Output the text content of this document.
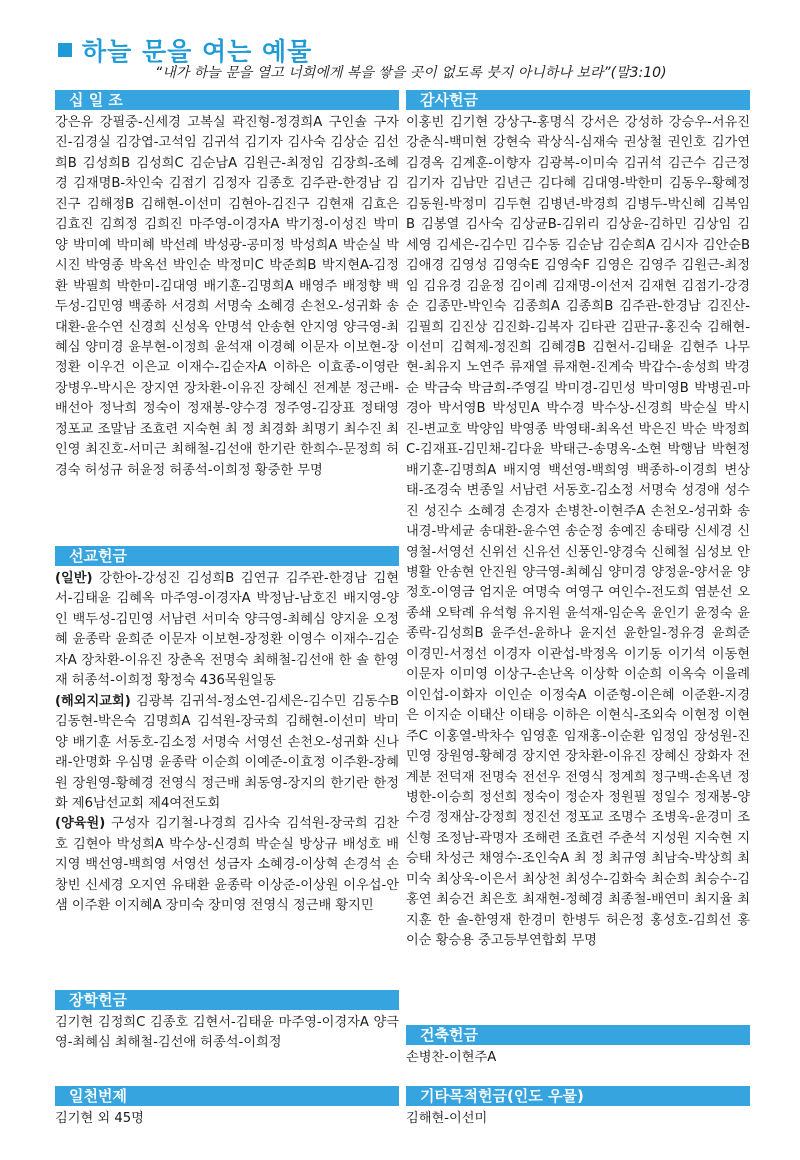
하늘 문을 여는 예물
“내가 하늘 문을 열고 너희에게 복을 쌓을 곳이 없도록 붓지 아니하나 보라”(말3:10)
십 일 조
강은유 강필중-신세경 고복실 곽진형-정경희A 구인솔 구자진-김경실 김강엽-고석임 김귀석 김기자 김사숙 김상순 김선희B 김성희B 김성희C 김순남A 김원근-최정임 김장희-조혜경 김재명B-차인숙 김점기 김정자 김종호 김주관-한경남 김진구 김해정B 김해현-이선미 김현아-김진구 김현재 김효은 김효진 김희정 김희진 마주영-이경자A 박기정-이성진 박미양 박미예 박미혜 박선례 박성광-공미정 박성희A 박순실 박시진 박영종 박옥선 박인순 박정미C 박준희B 박지현A-김정환 박필희 박한미-김대영 배기훈-김명희A 배영주 배정향 백두성-김민영 백종하 서경희 서명숙 소혜경 손천오-성귀화 송대환-윤수연 신경희 신성옥 안명석 안송현 안지영 양극영-최혜심 양미경 윤부현-이정희 윤석재 이경혜 이문자 이보현-장정환 이우건 이은교 이재수-김순자A 이하은 이효종-이영란 장병우-박시은 장지연 장차환-이유진 장혜신 전계분 정근배-배선아 정낙희 정숙이 정재봉-양수경 정주영-김장표 정태영 정포교 조말남 조효련 지숙현 최 정 최경화 최명기 최수진 최인영 최진호-서미근 최해철-김선애 한기란 한희수-문정희 허경숙 허성규 허윤정 허종석-이희정 황중한 무명
선교헌금
(일반) 강한아-강성진 김성희B 김연규 김주관-한경남 김현서-김태윤 김혜옥 마주영-이경자A 박정남-남호진 배지영-양 인 백두성-김민영 서남련 서미숙 양극영-최혜심 양지윤 오정혜 윤종락 윤희준 이문자 이보현-장정환 이영수 이재수-김순자A 장차환-이유진 장춘옥 전명숙 최해철-김선애 한 솔 한영재 허종석-이희정 황정숙 436목원일동
(해외지교회) 김광복 김귀석-정소연-김세은-김수민 김동수B 김동현-박은숙 김명희A 김석원-장국희 김해현-이선미 박미양 배기훈 서동호-김소정 서명숙 서영선 손천오-성귀화 신나래-안명화 우심명 윤종락 이순희 이예준-이효정 이주환-장혜원 장원영-황혜경 전영식 정근배 최동영-장지의 한기란 한정화 제6남선교회 제4여전도회
(양육원) 구성자 김기철-나경희 김사숙 김석원-장국희 김찬호 김현아 박성희A 박수상-신경희 박순실 방상규 배성호 배지영 백선영-백희영 서영선 성금자 소혜경-이상혁 손경석 손창빈 신세경 오지연 유태환 윤종락 이상준-이상원 이우섭-안 샘 이주환 이지혜A 장미숙 장미영 전영식 정근배 황지민
장학헌금
김기현 김정희C 김종호 김현서-김태윤 마주영-이경자A 양극영-최혜심 최해철-김선애 허종석-이희정
일천번제
김기현 외 45명
감사헌금
이홍빈 김기현 강상구-홍명식 강서은 강성하 강승우-서유진 강춘식-백미현 강현숙 곽상식-심재숙 권상철 권인호 김가연 김경옥 김계훈-이향자 김광복-이미숙 김귀석 김근수 김근정 김기자 김남만 김년근 김다혜 김대영-박한미 김동우-황혜정 김동원-박정미 김두현 김병년-박경희 김병두-박신혜 김복임B 김봉열 김사숙 김상균B-김위리 김상윤-김하민 김상임 김세영 김세은-김수민 김수동 김순남 김순희A 김시자 김안순B 김애경 김영성 김영숙E 김영숙F 김영은 김영주 김원근-최정임 김유경 김윤정 김이례 김재명-이선저 김재현 김점기-강경순 김종만-박인숙 김종희A 김종희B 김주관-한경남 김진산-김필희 김진상 김진화-김복자 김타관 김판규-홍진숙 김해현-이선미 김혁제-정진희 김혜경B 김현서-김태윤 김현주 나무현-최유지 노연주 류재열 류재현-진계숙 박갑수-송성희 박경순 박금숙 박금희-주영길 박미경-김민성 박미영B 박병권-마경아 박서영B 박성민A 박수경 박수상-신경희 박순실 박시진-변교호 박양임 박영종 박영태-최옥선 박은진 박순 박정희C-김재표-김민채-김다윤 박태근-송명옥-소현 박행남 박현정 배기훈-김명희A 배지영 백선영-백희영 백종하-이경희 변상태-조경숙 변종일 서남련 서동호-김소정 서명숙 성경애 성수진 성진수 소혜경 손경자 손병찬-이현주A 손천오-성귀화 송내경-박세균 송대환-윤수연 송순정 송예진 송태랑 신세경 신영철-서영선 신위선 신유선 신풍인-양경숙 신혜철 심성보 안병활 안송현 안진원 양극영-최혜심 양미경 양정윤-양서윤 양정호-이영금 엄지운 여명숙 여영구 여인수-전도희 염분선 오종쇄 오탁례 유석형 유지원 윤석재-임순옥 윤인기 윤정숙 윤종락-김성희B 윤주선-윤하나 윤지선 윤한일-정유경 윤희준 이경민-서정선 이경자 이관섭-박정옥 이기동 이기석 이동현 이문자 이미영 이상구-손난옥 이상학 이순희 이옥숙 이을례 이인섭-이화자 이인순 이정숙A 이준형-이은혜 이준환-지경은 이지순 이태산 이태응 이하은 이현식-조외숙 이현정 이현주C 이홍열-박차수 임영훈 임재홍-이순환 임정임 장성원-진민영 장원영-황혜경 장지연 장차환-이유진 장혜신 장화자 전계분 전덕재 전명숙 전선우 전영식 정계희 정구백-손옥년 정병한-이승희 정선희 정숙이 정순자 정원필 정일수 정재봉-양수경 정재삼-강정희 정진선 정포교 조명수 조병욱-윤경미 조신형 조정남-곽명자 조해련 조효련 주춘석 지성원 지숙현 지승태 차성근 채영수-조인숙A 최 정 최규영 최남숙-박상희 최미숙 최상욱-이은서 최상천 최성수-김화숙 최순희 최승수-김홍연 최승건 최은호 최재현-정혜경 최종철-배연미 최지율 최지훈 한 솔-한영재 한경미 한병두 허은정 홍성호-김희선 홍이순 황승용 중고등부연합회 무명
건축헌금
손병찬-이현주A
기타목적헌금(인도 우물)
김해현-이선미
